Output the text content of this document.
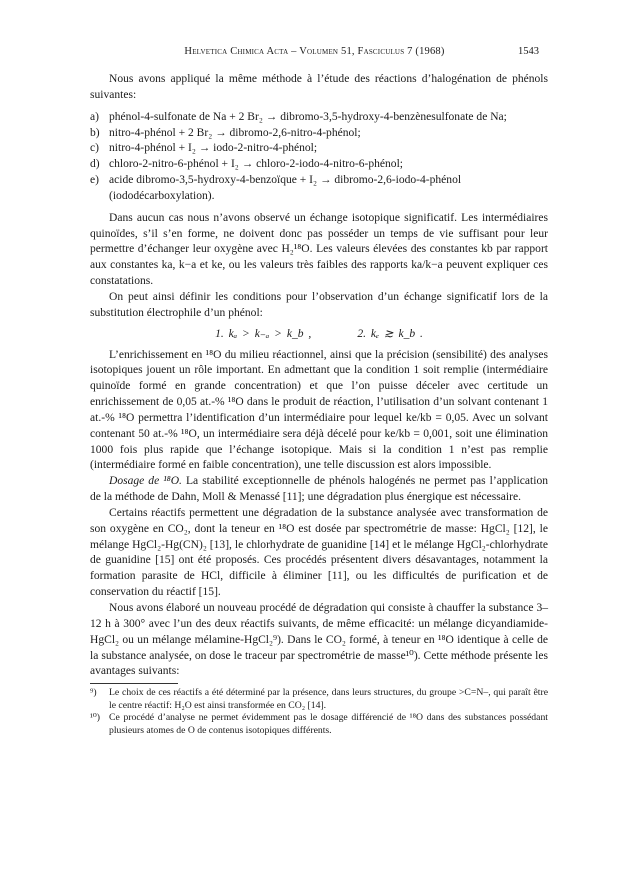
Helvetica Chimica Acta – Volumen 51, Fasciculus 7 (1968)	1543

Nous avons appliqué la même méthode à l’étude des réactions d’halogénation de phénols suivantes:

a) phénol-4-sulfonate de Na + 2 Br₂ → dibromo-3,5-hydroxy-4-benzènesulfonate de Na;
b) nitro-4-phénol + 2 Br₂ → dibromo-2,6-nitro-4-phénol;
c) nitro-4-phénol + I₂ → iodo-2-nitro-4-phénol;
d) chloro-2-nitro-6-phénol + I₂ → chloro-2-iodo-4-nitro-6-phénol;
e) acide dibromo-3,5-hydroxy-4-benzoïque + I₂ → dibromo-2,6-iodo-4-phénol (iododécarboxylation).

Dans aucun cas nous n’avons observé un échange isotopique significatif. Les intermédiaires quinoïdes, s’il s’en forme, ne doivent donc pas posséder un temps de vie suffisant pour leur permettre d’échanger leur oxygène avec H₂¹⁸O. Les valeurs élevées des constantes kb par rapport aux constantes ka, k−a et ke, ou les valeurs très faibles des rapports ka/k−a peuvent expliquer ces constatations.

On peut ainsi définir les conditions pour l’observation d’un échange significatif lors de la substitution électrophile d’un phénol:

1. kₐ > k₋ₐ > k_b ,	2. kₑ ≳ k_b .

L’enrichissement en ¹⁸O du milieu réactionnel, ainsi que la précision (sensibilité) des analyses isotopiques jouent un rôle important. En admettant que la condition 1 soit remplie (intermédiaire quinoïde formé en grande concentration) et que l’on puisse déceler avec certitude un enrichissement de 0,05 at.-% ¹⁸O dans le produit de réaction, l’utilisation d’un solvant contenant 1 at.-% ¹⁸O permettra l’identification d’un intermédiaire pour lequel ke/kb = 0,05. Avec un solvant contenant 50 at.-% ¹⁸O, un intermédiaire sera déjà décelé pour ke/kb = 0,001, soit une élimination 1000 fois plus rapide que l’échange isotopique. Mais si la condition 1 n’est pas remplie (intermédiaire formé en faible concentration), une telle discussion est alors impossible.

Dosage de ¹⁸O. La stabilité exceptionnelle de phénols halogénés ne permet pas l’application de la méthode de Dahn, Moll & Menassé [11]; une dégradation plus énergique est nécessaire.

Certains réactifs permettent une dégradation de la substance analysée avec transformation de son oxygène en CO₂, dont la teneur en ¹⁸O est dosée par spectrométrie de masse: HgCl₂ [12], le mélange HgCl₂-Hg(CN)₂ [13], le chlorhydrate de guanidine [14] et le mélange HgCl₂-chlorhydrate de guanidine [15] ont été proposés. Ces procédés présentent divers désavantages, notamment la formation parasite de HCl, difficile à éliminer [11], ou les difficultés de purification et de conservation du réactif [15].

Nous avons élaboré un nouveau procédé de dégradation qui consiste à chauffer la substance 3–12 h à 300° avec l’un des deux réactifs suivants, de même efficacité: un mélange dicyandiamide-HgCl₂ ou un mélange mélamine-HgCl₂⁹). Dans le CO₂ formé, à teneur en ¹⁸O identique à celle de la substance analysée, on dose le traceur par spectrométrie de masse¹⁰). Cette méthode présente les avantages suivants:

⁹)	Le choix de ces réactifs a été déterminé par la présence, dans leurs structures, du groupe >C=N–, qui paraît être le centre réactif: H₂O est ainsi transformée en CO₂ [14].
¹⁰) Ce procédé d’analyse ne permet évidemment pas le dosage différencié de ¹⁸O dans des substances possédant plusieurs atomes de O de contenus isotopiques différents.
